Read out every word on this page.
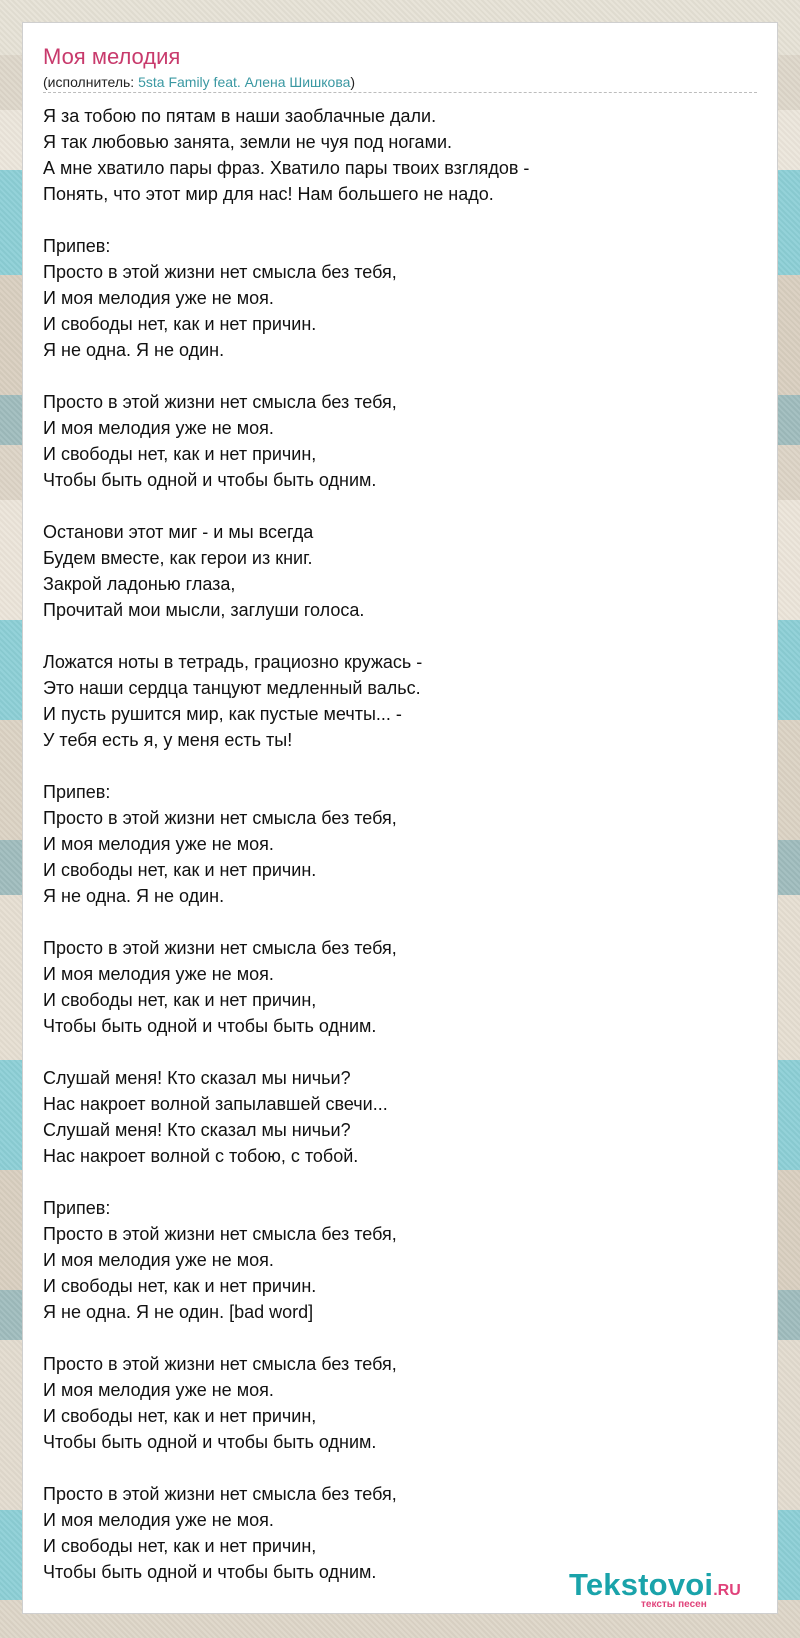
Моя мелодия
(исполнитель: 5sta Family feat. Алена Шишкова)
Я за тобою по пятам в наши заоблачные дали.
Я так любовью занята, земли не чуя под ногами.
А мне хватило пары фраз. Хватило пары твоих взглядов -
Понять, что этот мир для нас! Нам большего не надо.
Припев:
Просто в этой жизни нет смысла без тебя,
И моя мелодия уже не моя.
И свободы нет, как и нет причин.
Я не одна. Я не один.
Просто в этой жизни нет смысла без тебя,
И моя мелодия уже не моя.
И свободы нет, как и нет причин,
Чтобы быть одной и чтобы быть одним.
Останови этот миг - и мы всегда
Будем вместе, как герои из книг.
Закрой ладонью глаза,
Прочитай мои мысли, заглуши голоса.
Ложатся ноты в тетрадь, грациозно кружась -
Это наши сердца танцуют медленный вальс.
И пусть рушится мир, как пустые мечты... -
У тебя есть я, у меня есть ты!
Припев:
Просто в этой жизни нет смысла без тебя,
И моя мелодия уже не моя.
И свободы нет, как и нет причин.
Я не одна. Я не один.
Просто в этой жизни нет смысла без тебя,
И моя мелодия уже не моя.
И свободы нет, как и нет причин,
Чтобы быть одной и чтобы быть одним.
Слушай меня! Кто сказал мы ничьи?
Нас накроет волной запылавшей свечи...
Слушай меня! Кто сказал мы ничьи?
Нас накроет волной с тобою, с тобой.
Припев:
Просто в этой жизни нет смысла без тебя,
И моя мелодия уже не моя.
И свободы нет, как и нет причин.
Я не одна. Я не один. [bad word]
Просто в этой жизни нет смысла без тебя,
И моя мелодия уже не моя.
И свободы нет, как и нет причин,
Чтобы быть одной и чтобы быть одним.
Просто в этой жизни нет смысла без тебя,
И моя мелодия уже не моя.
И свободы нет, как и нет причин,
Чтобы быть одной и чтобы быть одним.	Tekstovoi.RU
тексты песен
